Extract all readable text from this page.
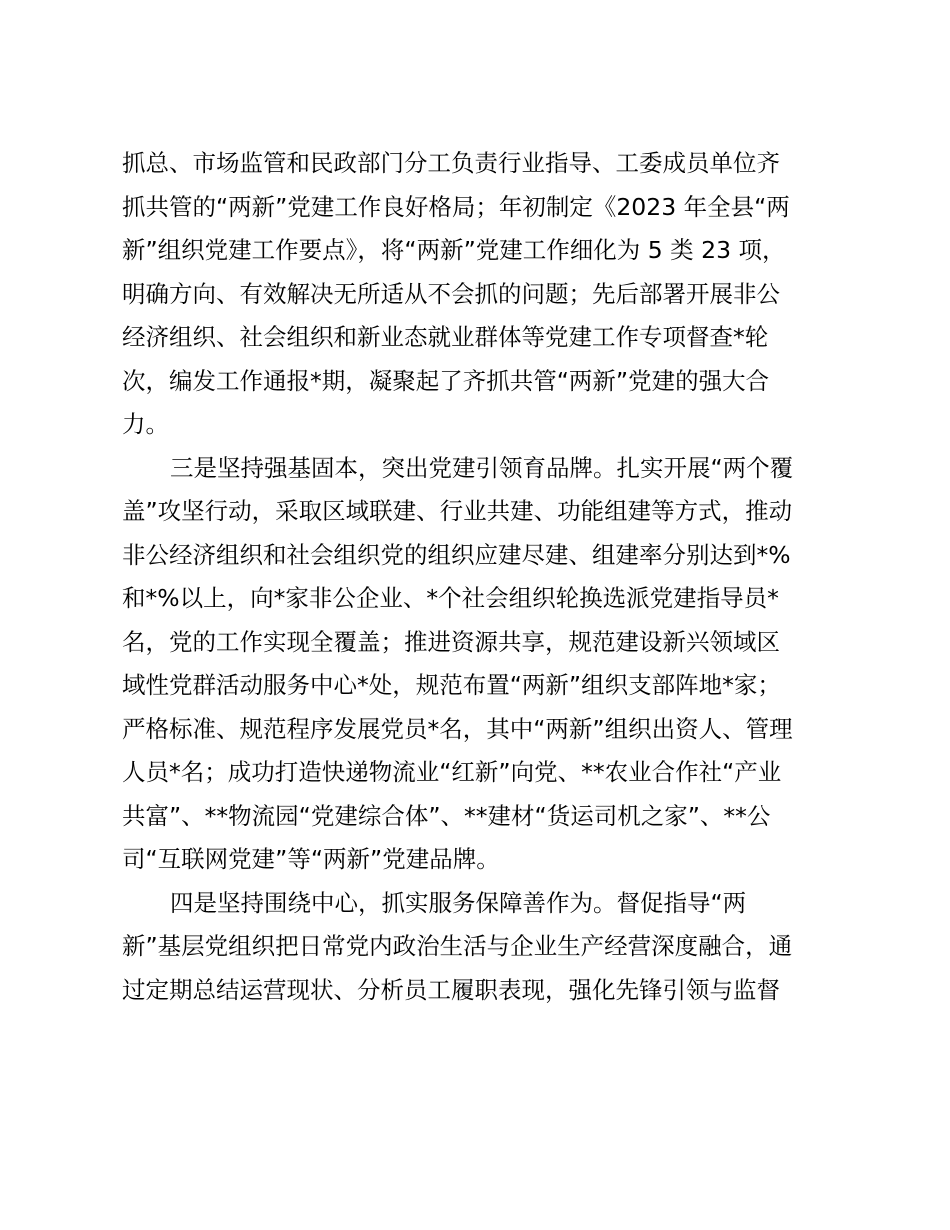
抓总、市场监管和民政部门分工负责行业指导、工委成员单位齐
抓共管的“两新”党建工作良好格局；年初制定《2023 年全县“两
新”组织党建工作要点》，将“两新”党建工作细化为 5 类 23 项，
明确方向、有效解决无所适从不会抓的问题；先后部署开展非公
经济组织、社会组织和新业态就业群体等党建工作专项督查*轮
次，编发工作通报*期，凝聚起了齐抓共管“两新”党建的强大合
力。
三是坚持强基固本，突出党建引领育品牌。扎实开展“两个覆
盖”攻坚行动，采取区域联建、行业共建、功能组建等方式，推动
非公经济组织和社会组织党的组织应建尽建、组建率分别达到*%
和*%以上，向*家非公企业、*个社会组织轮换选派党建指导员*
名，党的工作实现全覆盖；推进资源共享，规范建设新兴领域区
域性党群活动服务中心*处，规范布置“两新”组织支部阵地*家；
严格标准、规范程序发展党员*名，其中“两新”组织出资人、管理
人员*名；成功打造快递物流业“红新”向党、**农业合作社“产业
共富”、**物流园“党建综合体”、**建材“货运司机之家”、**公
司“互联网党建”等“两新”党建品牌。
四是坚持围绕中心，抓实服务保障善作为。督促指导“两
新”基层党组织把日常党内政治生活与企业生产经营深度融合，通
过定期总结运营现状、分析员工履职表现，强化先锋引领与监督
